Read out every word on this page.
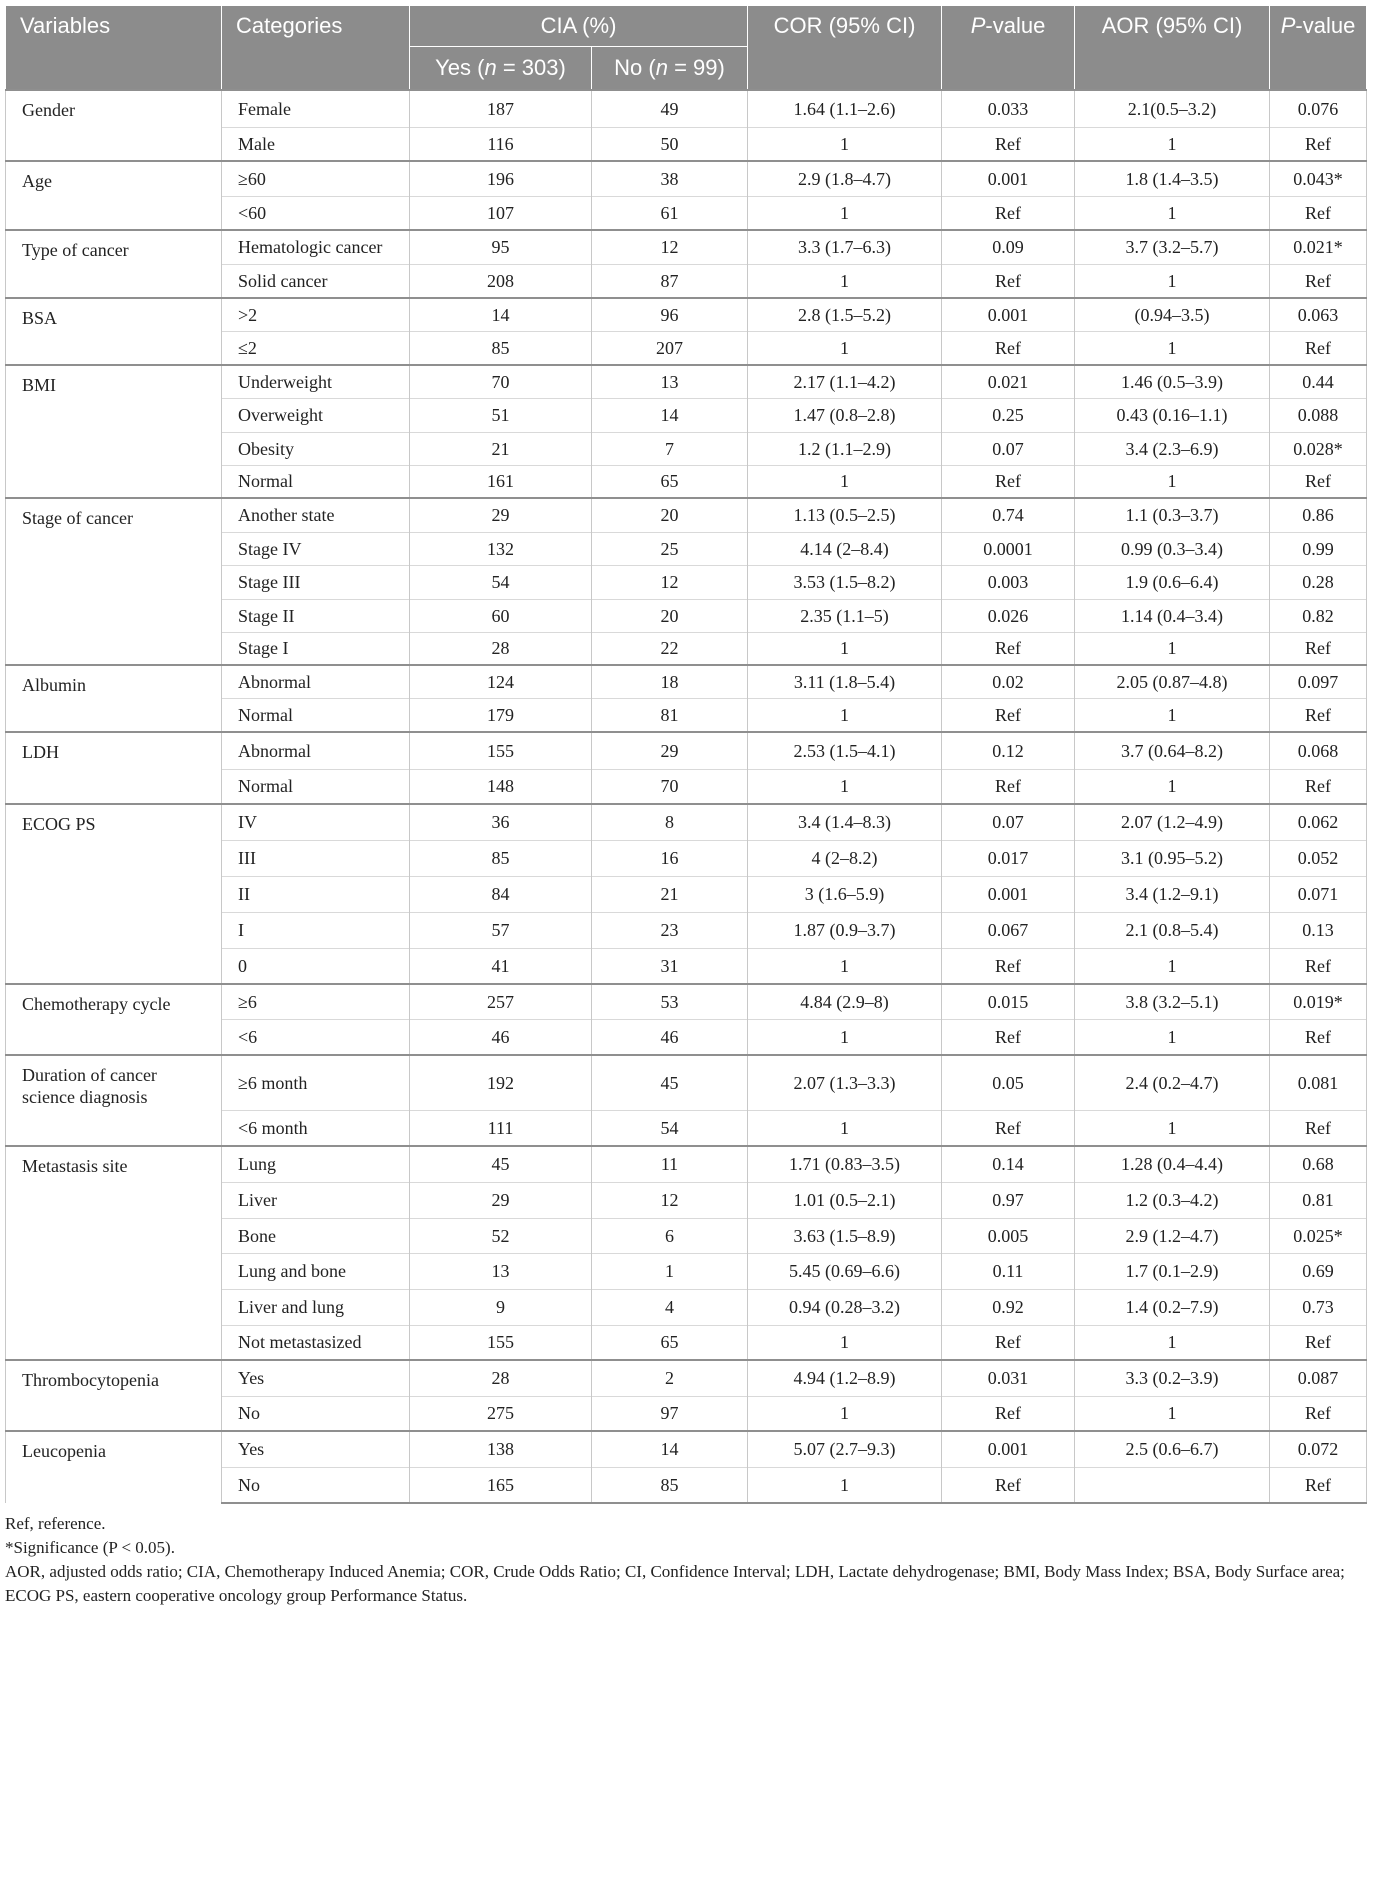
Variables	Categories	CIA (%)		COR (95% CI)	P-value	AOR (95% CI)	P-value
		Yes (n = 303)	No (n = 99)				
Gender	Female	187	49	1.64 (1.1–2.6)	0.033	2.1(0.5–3.2)	0.076
	Male	116	50	1	Ref	1	Ref
Age	≥60	196	38	2.9 (1.8–4.7)	0.001	1.8 (1.4–3.5)	0.043*
	<60	107	61	1	Ref	1	Ref
Type of cancer	Hematologic cancer	95	12	3.3 (1.7–6.3)	0.09	3.7 (3.2–5.7)	0.021*
	Solid cancer	208	87	1	Ref	1	Ref
BSA	>2	14	96	2.8 (1.5–5.2)	0.001	(0.94–3.5)	0.063
	≤2	85	207	1	Ref	1	Ref
BMI	Underweight	70	13	2.17 (1.1–4.2)	0.021	1.46 (0.5–3.9)	0.44
	Overweight	51	14	1.47 (0.8–2.8)	0.25	0.43 (0.16–1.1)	0.088
	Obesity	21	7	1.2 (1.1–2.9)	0.07	3.4 (2.3–6.9)	0.028*
	Normal	161	65	1	Ref	1	Ref
Stage of cancer	Another state	29	20	1.13 (0.5–2.5)	0.74	1.1 (0.3–3.7)	0.86
	Stage IV	132	25	4.14 (2–8.4)	0.0001	0.99 (0.3–3.4)	0.99
	Stage III	54	12	3.53 (1.5–8.2)	0.003	1.9 (0.6–6.4)	0.28
	Stage II	60	20	2.35 (1.1–5)	0.026	1.14 (0.4–3.4)	0.82
	Stage I	28	22	1	Ref	1	Ref
Albumin	Abnormal	124	18	3.11 (1.8–5.4)	0.02	2.05 (0.87–4.8)	0.097
	Normal	179	81	1	Ref	1	Ref
LDH	Abnormal	155	29	2.53 (1.5–4.1)	0.12	3.7 (0.64–8.2)	0.068
	Normal	148	70	1	Ref	1	Ref
ECOG PS	IV	36	8	3.4 (1.4–8.3)	0.07	2.07 (1.2–4.9)	0.062
	III	85	16	4 (2–8.2)	0.017	3.1 (0.95–5.2)	0.052
	II	84	21	3 (1.6–5.9)	0.001	3.4 (1.2–9.1)	0.071
	I	57	23	1.87 (0.9–3.7)	0.067	2.1 (0.8–5.4)	0.13
	0	41	31	1	Ref	1	Ref
Chemotherapy cycle	≥6	257	53	4.84 (2.9–8)	0.015	3.8 (3.2–5.1)	0.019*
	<6	46	46	1	Ref	1	Ref
Duration of cancer science diagnosis	≥6 month	192	45	2.07 (1.3–3.3)	0.05	2.4 (0.2–4.7)	0.081
	<6 month	111	54	1	Ref	1	Ref
Metastasis site	Lung	45	11	1.71 (0.83–3.5)	0.14	1.28 (0.4–4.4)	0.68
	Liver	29	12	1.01 (0.5–2.1)	0.97	1.2 (0.3–4.2)	0.81
	Bone	52	6	3.63 (1.5–8.9)	0.005	2.9 (1.2–4.7)	0.025*
	Lung and bone	13	1	5.45 (0.69–6.6)	0.11	1.7 (0.1–2.9)	0.69
	Liver and lung	9	4	0.94 (0.28–3.2)	0.92	1.4 (0.2–7.9)	0.73
	Not metastasized	155	65	1	Ref	1	Ref
Thrombocytopenia	Yes	28	2	4.94 (1.2–8.9)	0.031	3.3 (0.2–3.9)	0.087
	No	275	97	1	Ref	1	Ref
Leucopenia	Yes	138	14	5.07 (2.7–9.3)	0.001	2.5 (0.6–6.7)	0.072
	No	165	85	1	Ref		Ref

Ref, reference.

*Significance (P < 0.05).

AOR, adjusted odds ratio; CIA, Chemotherapy Induced Anemia; COR, Crude Odds Ratio; CI, Confidence Interval; LDH, Lactate dehydrogenase; BMI, Body Mass Index; BSA, Body Surface area; ECOG PS, eastern cooperative oncology group Performance Status.
